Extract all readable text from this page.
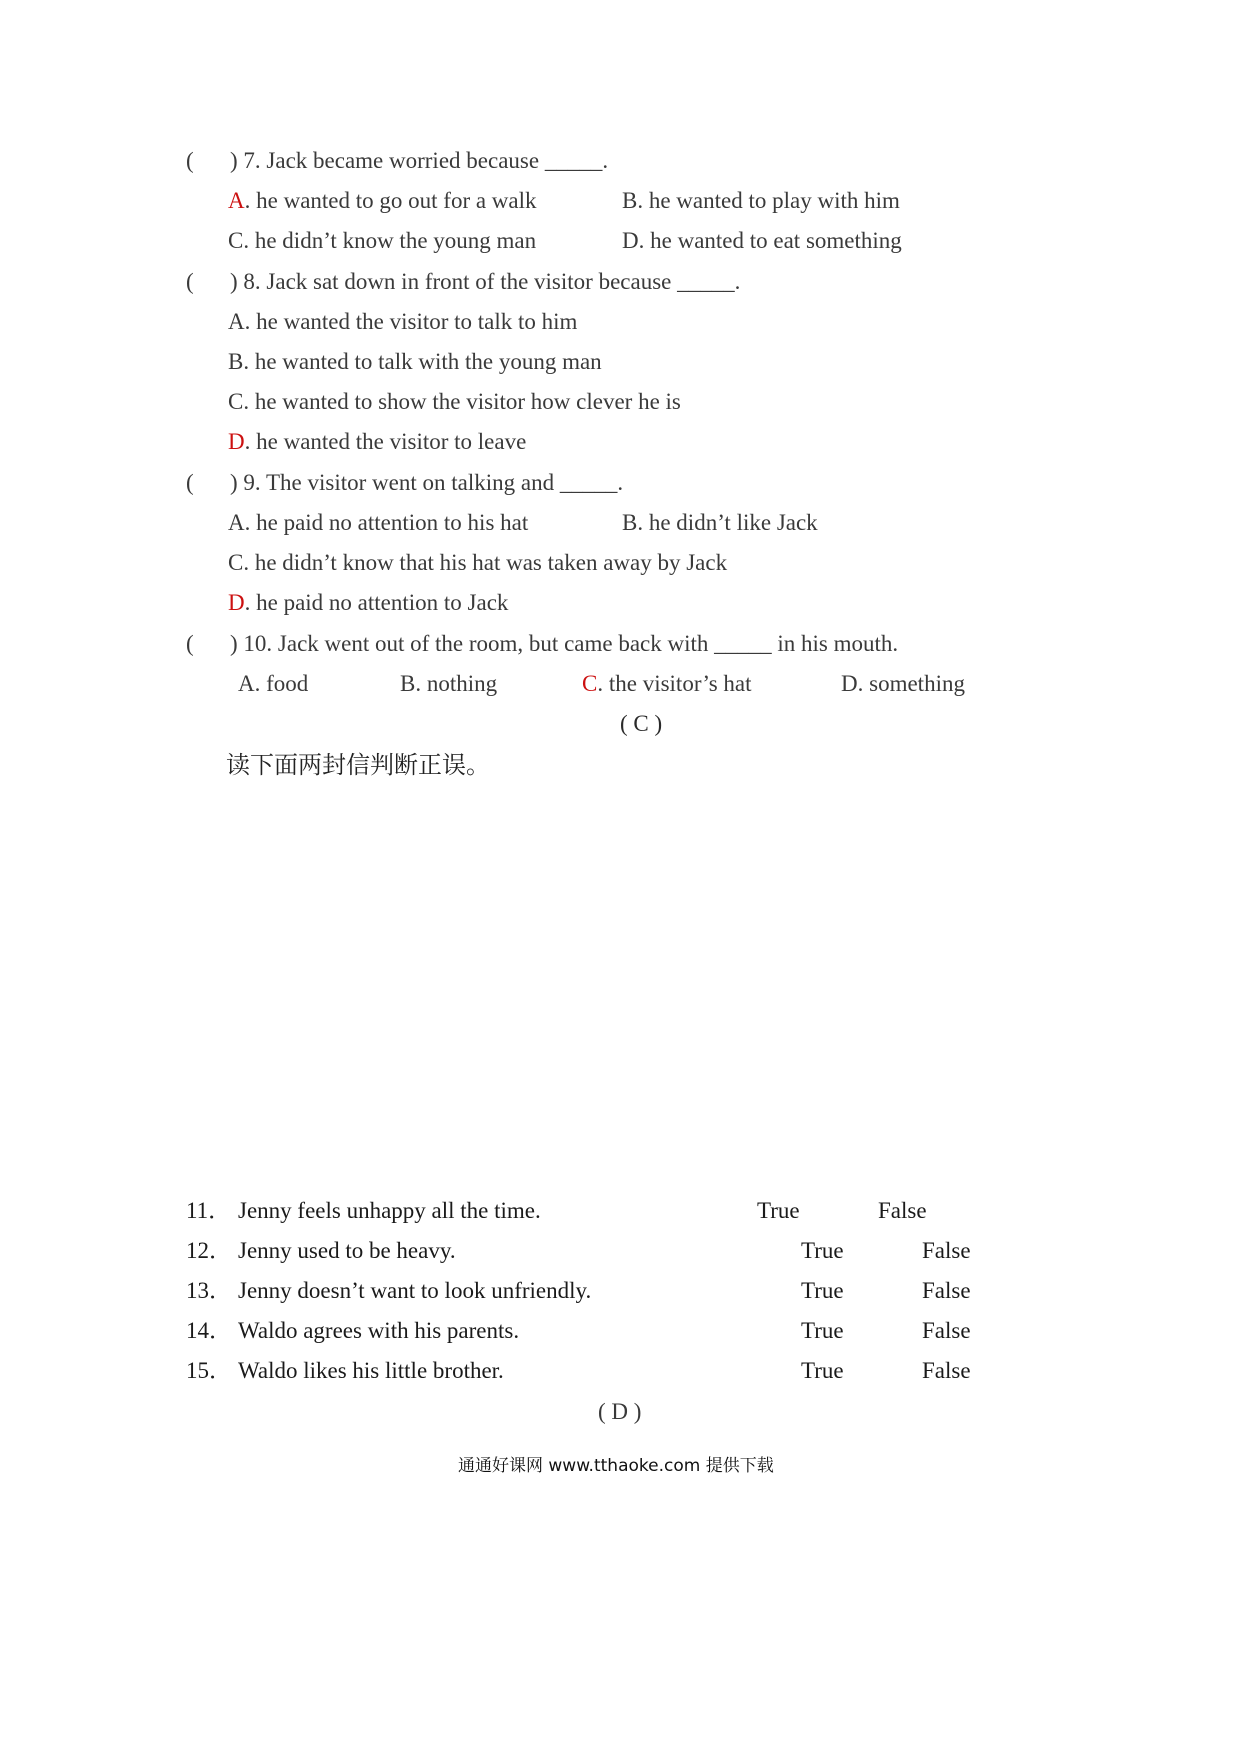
( ) 7. Jack became worried because _____.
A. he wanted to go out for a walk	B. he wanted to play with him
C. he didn’t know the young man	D. he wanted to eat something
( ) 8. Jack sat down in front of the visitor because _____.
A. he wanted the visitor to talk to him
B. he wanted to talk with the young man
C. he wanted to show the visitor how clever he is
D. he wanted the visitor to leave
( ) 9. The visitor went on talking and _____.
A. he paid no attention to his hat	B. he didn’t like Jack
C. he didn’t know that his hat was taken away by Jack
D. he paid no attention to Jack
( ) 10. Jack went out of the room, but came back with _____ in his mouth.
A. food	B. nothing	C. the visitor’s hat	D. something
( C )
读下面两封信判断正误。
11． Jenny feels unhappy all the time.	True	False
12． Jenny used to be heavy.	True	False
13． Jenny doesn’t want to look unfriendly.	True	False
14． Waldo agrees with his parents.	True	False
15． Waldo likes his little brother.	True	False
( D )
通通好课网 www.tthaoke.com 提供下载
